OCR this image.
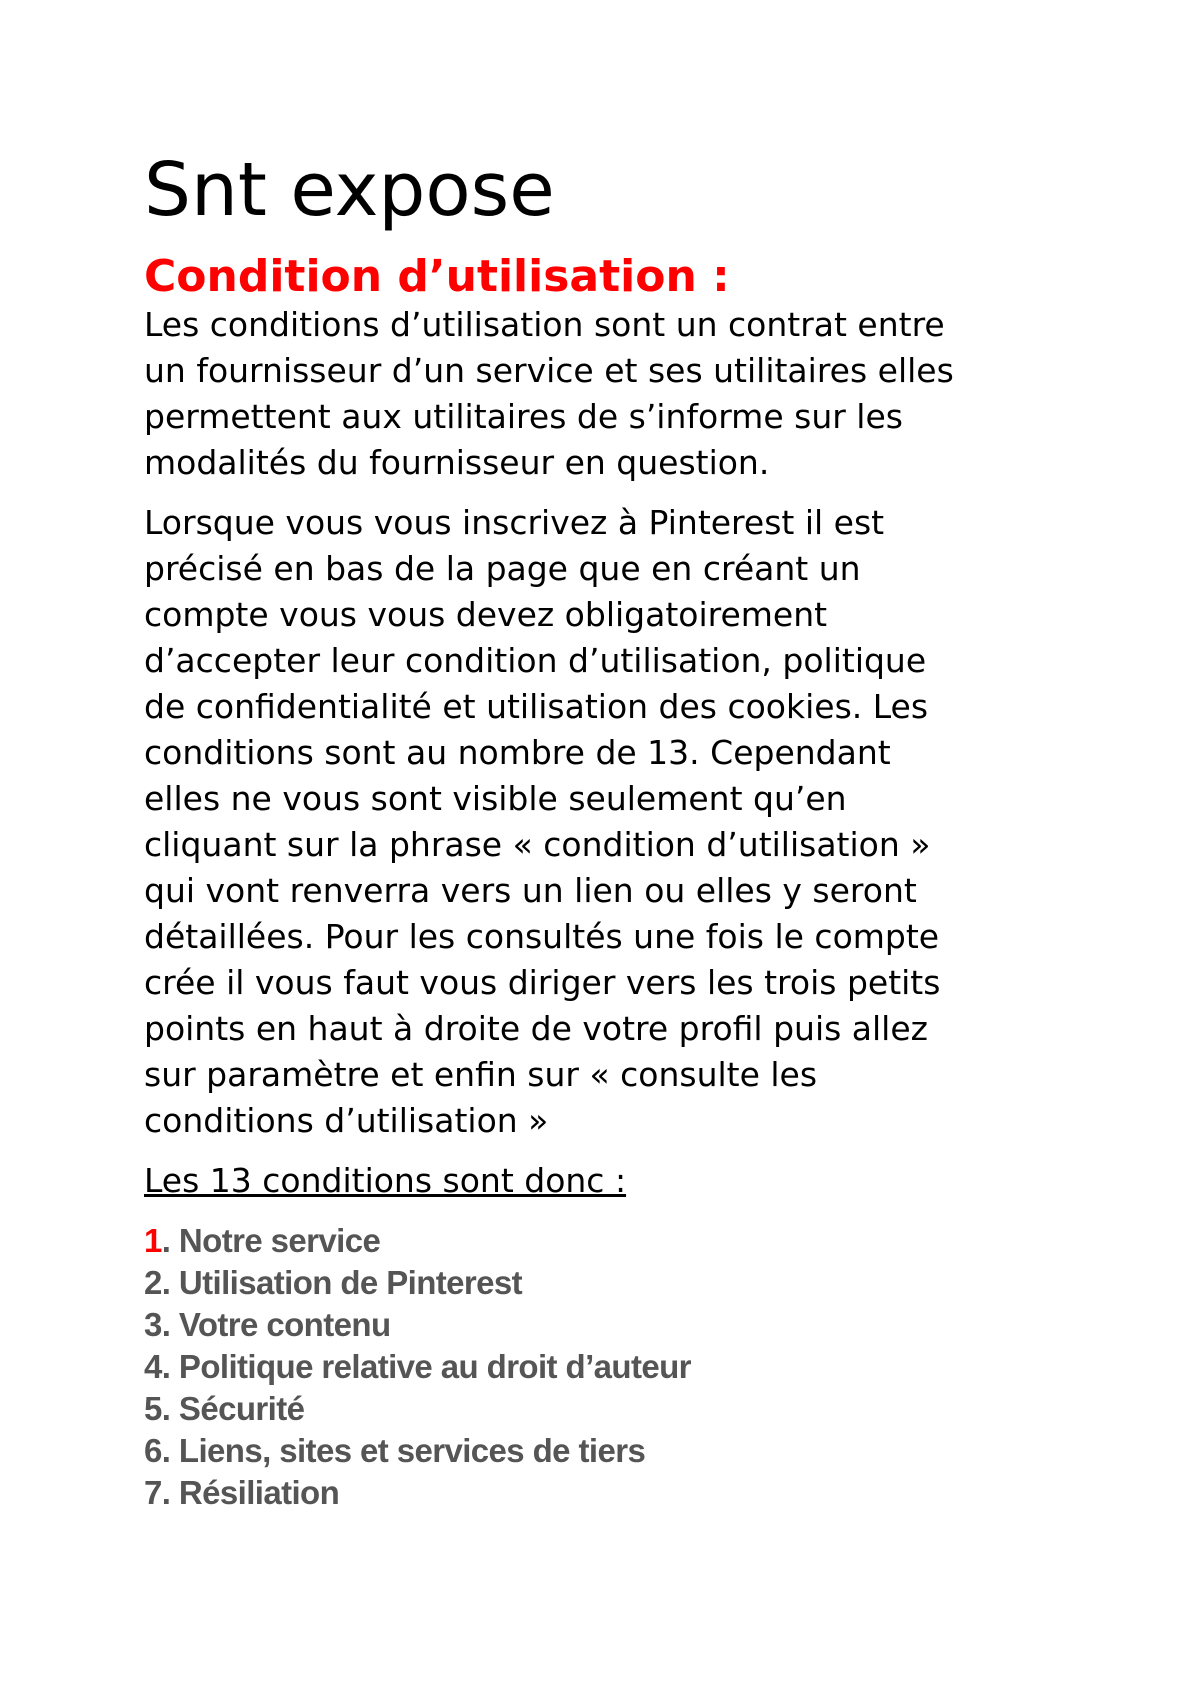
Snt expose
Condition d’utilisation :

Les conditions d’utilisation sont un contrat entre
un fournisseur d’un service et ses utilitaires elles
permettent aux utilitaires de s’informe sur les
modalités du fournisseur en question.

Lorsque vous vous inscrivez à Pinterest il est
précisé en bas de la page que en créant un
compte vous vous devez obligatoirement
d’accepter leur condition d’utilisation, politique
de confidentialité et utilisation des cookies. Les
conditions sont au nombre de 13. Cependant
elles ne vous sont visible seulement qu’en
cliquant sur la phrase « condition d’utilisation »
qui vont renverra vers un lien ou elles y seront
détaillées. Pour les consultés une fois le compte
crée il vous faut vous diriger vers les trois petits
points en haut à droite de votre profil puis allez
sur paramètre et enfin sur « consulte les
conditions d’utilisation »

Les 13 conditions sont donc :
1. Notre service
2. Utilisation de Pinterest
3. Votre contenu
4. Politique relative au droit d’auteur
5. Sécurité
6. Liens, sites et services de tiers
7. Résiliation
